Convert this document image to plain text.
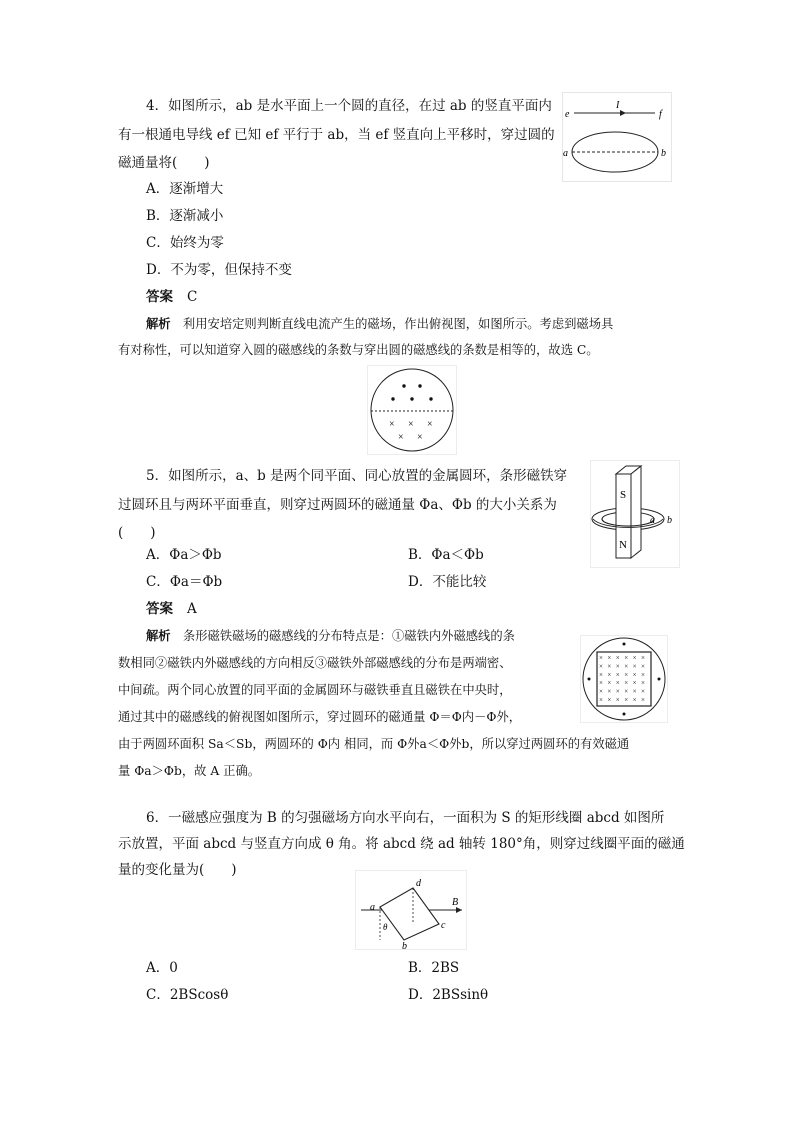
4．如图所示，ab 是水平面上一个圆的直径，在过 ab 的竖直平面内
有一根通电导线 ef 已知 ef 平行于 ab，当 ef 竖直向上平移时，穿过圆的
磁通量将(　　)
A．逐渐增大
B．逐渐减小
C．始终为零
D．不为零，但保持不变
答案 C
解析　 利用安培定则判断直线电流产生的磁场，作出俯视图，如图所示。考虑到磁场具
有对称性，可以知道穿入圆的磁感线的条数与穿出圆的磁感线的条数是相等的，故选 C。
e
I
f
a	b
× × ×
× ×
5．如图所示，a、b 是两个同平面、同心放置的金属圆环，条形磁铁穿
过圆环且与两环平面垂直，则穿过两圆环的磁通量 Φa、Φb 的大小关系为
(　　)
A．Φa＞Φb	B．Φa＜Φb
C．Φa＝Φb	D．不能比较
答案 A
解析　 条形磁铁磁场的磁感线的分布特点是：①磁铁内外磁感线的条
数相同②磁铁内外磁感线的方向相反③磁铁外部磁感线的分布是两端密、
中间疏。两个同心放置的同平面的金属圆环与磁铁垂直且磁铁在中央时，
通过其中的磁感线的俯视图如图所示，穿过圆环的磁通量 Φ＝Φ内－Φ外，
由于两圆环面积 Sa＜Sb，两圆环的 Φ内 相同，而 Φ外a＜Φ外b，所以穿过两圆环的有效磁通
量 Φa＞Φb，故 A 正确。
S
N
a b
× × × × × ×
× × × × × ×
× × × × × ×
× × × × × ×
× × × × × ×
× × × × × ×
6．一磁感应强度为 B 的匀强磁场方向水平向右，一面积为 S 的矩形线圈 abcd 如图所
示放置，平面 abcd 与竖直方向成 θ 角。将 abcd 绕 ad 轴转 180°角，则穿过线圈平面的磁通
量的变化量为(　　)
a
b
c
d
B
θ
A．0	B．2BS
C．2BScosθ	D．2BSsinθ
